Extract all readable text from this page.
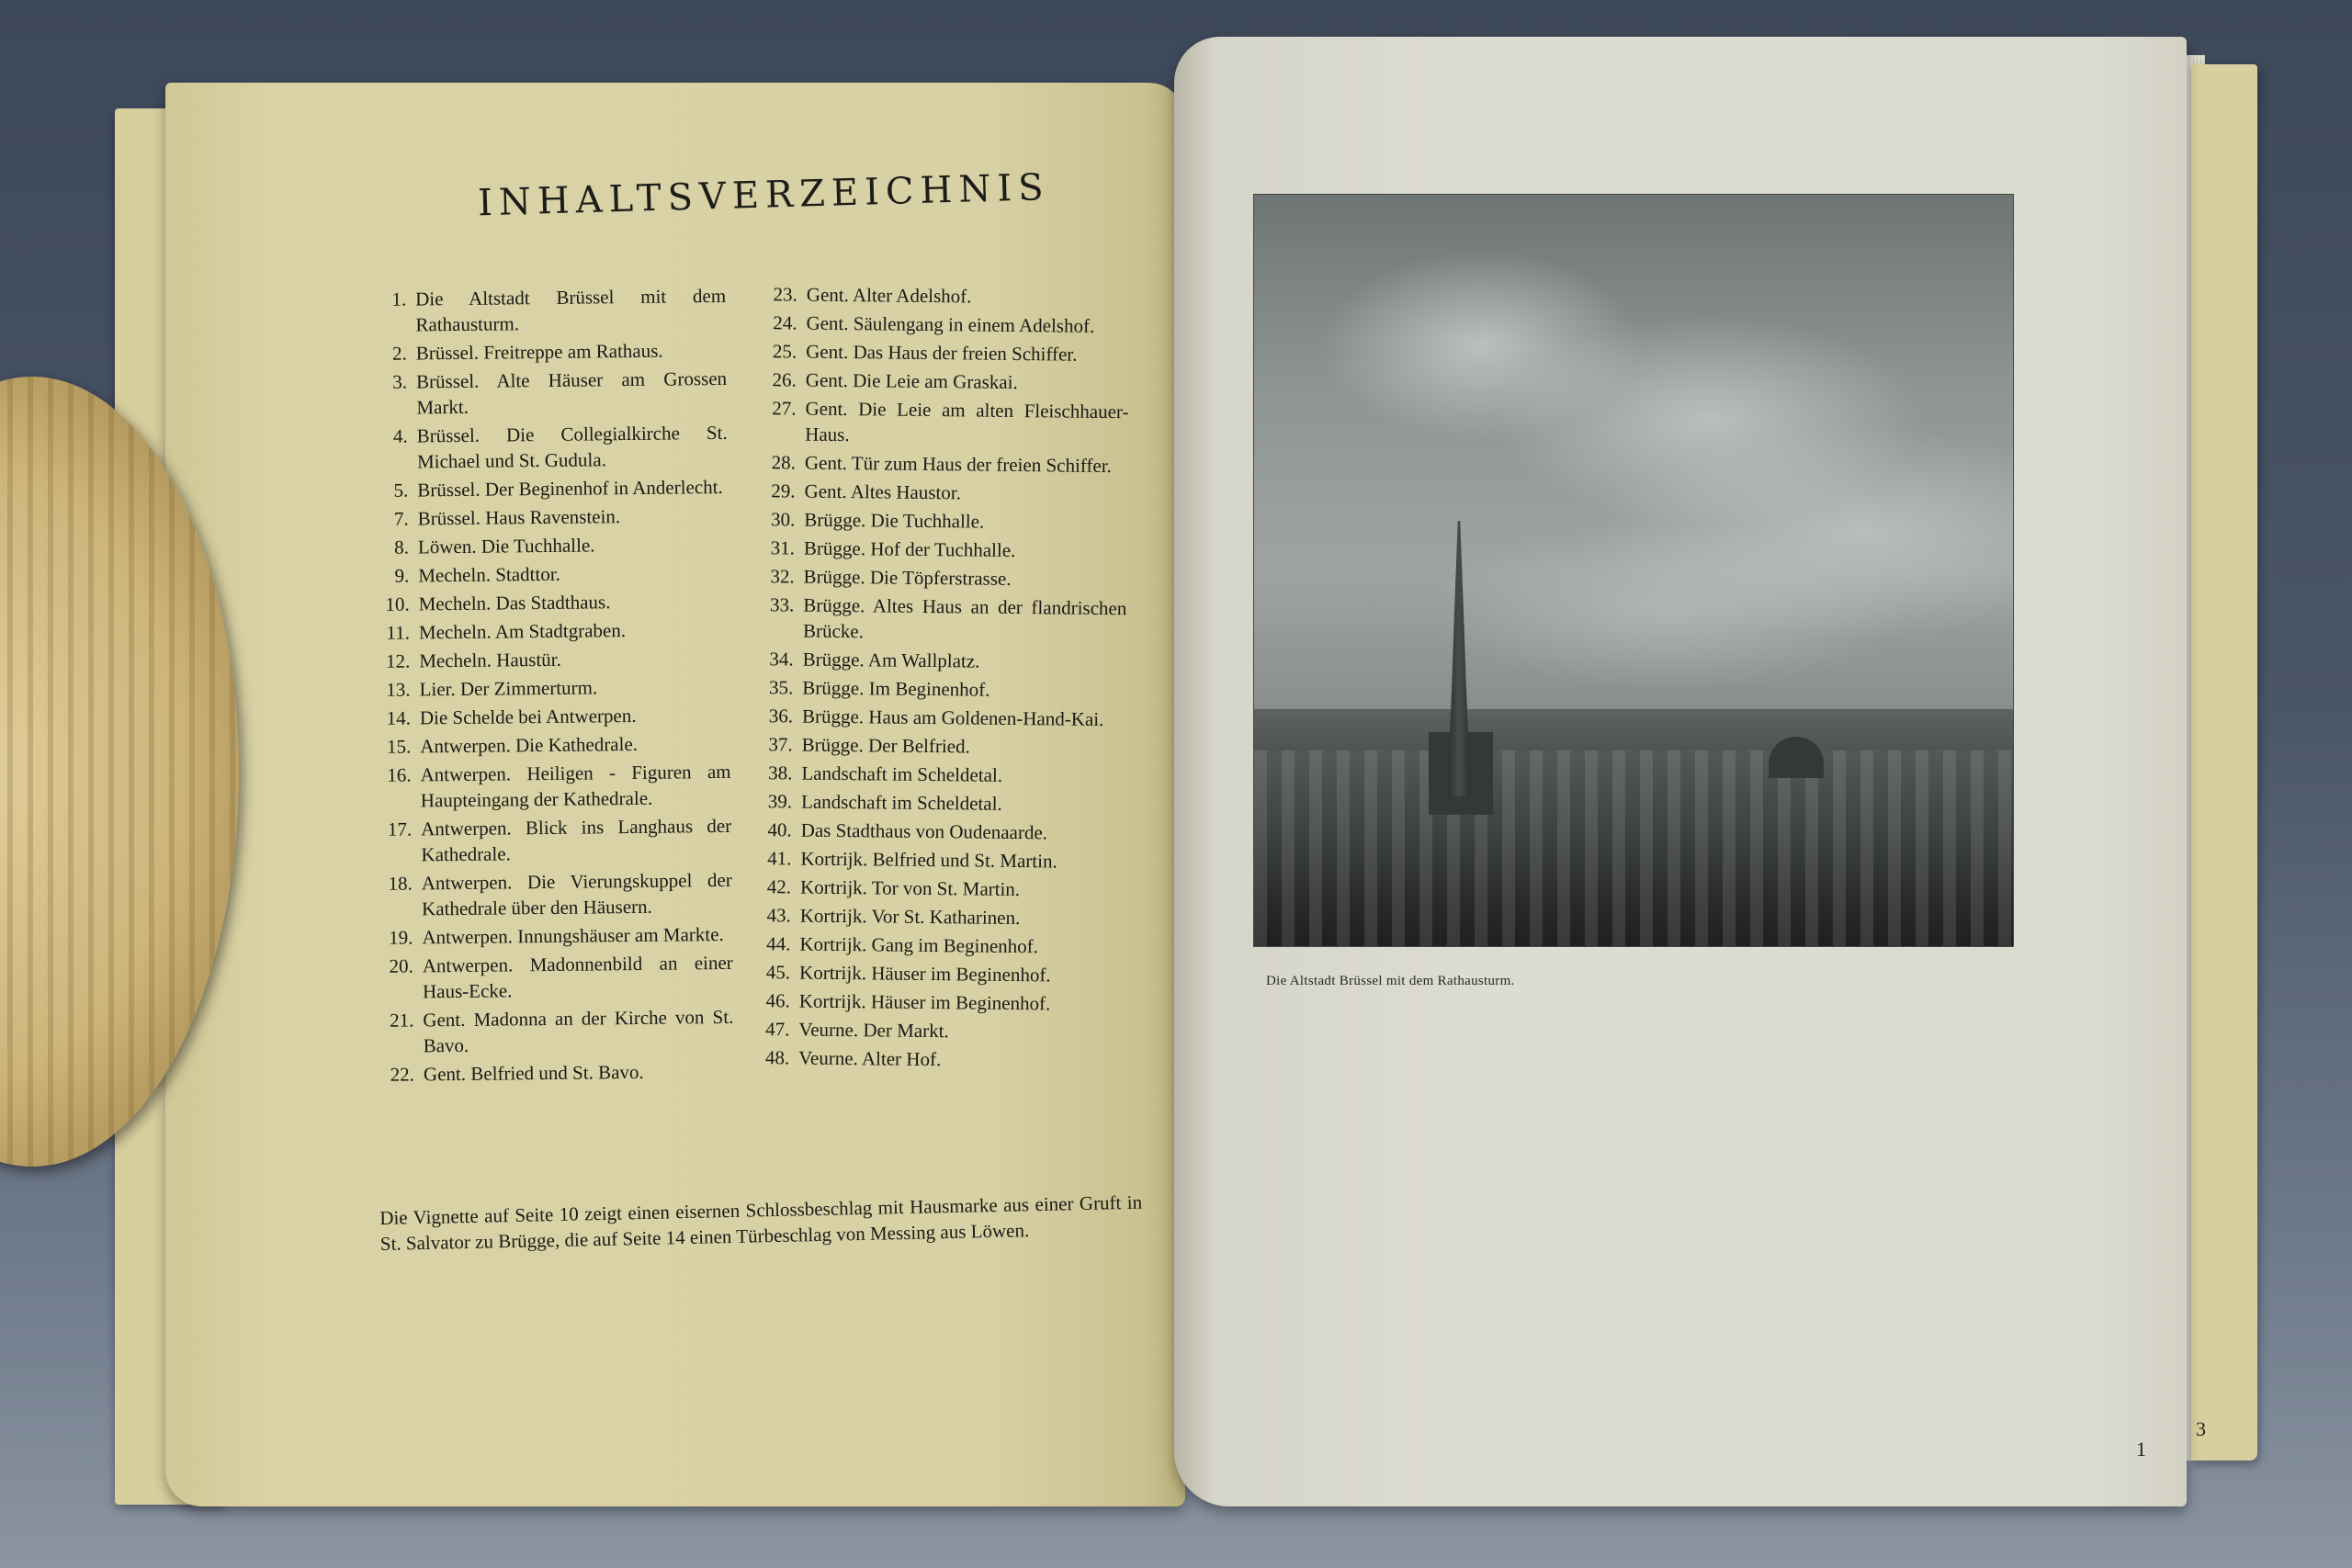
INHALTSVERZEICHNIS
1. Die Altstadt Brüssel mit dem Rathausturm.
2. Brüssel. Freitreppe am Rathaus.
3. Brüssel. Alte Häuser am Grossen Markt.
4. Brüssel. Die Collegialkirche St. Michael und St. Gudula.
5. Brüssel. Der Beginenhof in Anderlecht.
7. Brüssel. Haus Ravenstein.
8. Löwen. Die Tuchhalle.
9. Mecheln. Stadttor.
10. Mecheln. Das Stadthaus.
11. Mecheln. Am Stadtgraben.
12. Mecheln. Haustür.
13. Lier. Der Zimmerturm.
14. Die Schelde bei Antwerpen.
15. Antwerpen. Die Kathedrale.
16. Antwerpen. Heiligen - Figuren am Haupteingang der Kathedrale.
17. Antwerpen. Blick ins Langhaus der Kathedrale.
18. Antwerpen. Die Vierungskuppel der Kathedrale über den Häusern.
19. Antwerpen. Innungshäuser am Markte.
20. Antwerpen. Madonnenbild an einer Haus-Ecke.
21. Gent. Madonna an der Kirche von St. Bavo.
22. Gent. Belfried und St. Bavo.
23. Gent. Alter Adelshof.
24. Gent. Säulengang in einem Adelshof.
25. Gent. Das Haus der freien Schiffer.
26. Gent. Die Leie am Graskai.
27. Gent. Die Leie am alten Fleischhauer-Haus.
28. Gent. Tür zum Haus der freien Schiffer.
29. Gent. Altes Haustor.
30. Brügge. Die Tuchhalle.
31. Brügge. Hof der Tuchhalle.
32. Brügge. Die Töpferstrasse.
33. Brügge. Altes Haus an der flandrischen Brücke.
34. Brügge. Am Wallplatz.
35. Brügge. Im Beginenhof.
36. Brügge. Haus am Goldenen-Hand-Kai.
37. Brügge. Der Belfried.
38. Landschaft im Scheldetal.
39. Landschaft im Scheldetal.
40. Das Stadthaus von Oudenaarde.
41. Kortrijk. Belfried und St. Martin.
42. Kortrijk. Tor von St. Martin.
43. Kortrijk. Vor St. Katharinen.
44. Kortrijk. Gang im Beginenhof.
45. Kortrijk. Häuser im Beginenhof.
46. Kortrijk. Häuser im Beginenhof.
47. Veurne. Der Markt.
48. Veurne. Alter Hof.
Die Vignette auf Seite 10 zeigt einen eisernen Schlossbeschlag mit Hausmarke aus einer Gruft in St. Salvator zu Brügge, die auf Seite 14 einen Türbeschlag von Messing aus Löwen.
Die Altstadt Brüssel mit dem Rathausturm.
1
3
